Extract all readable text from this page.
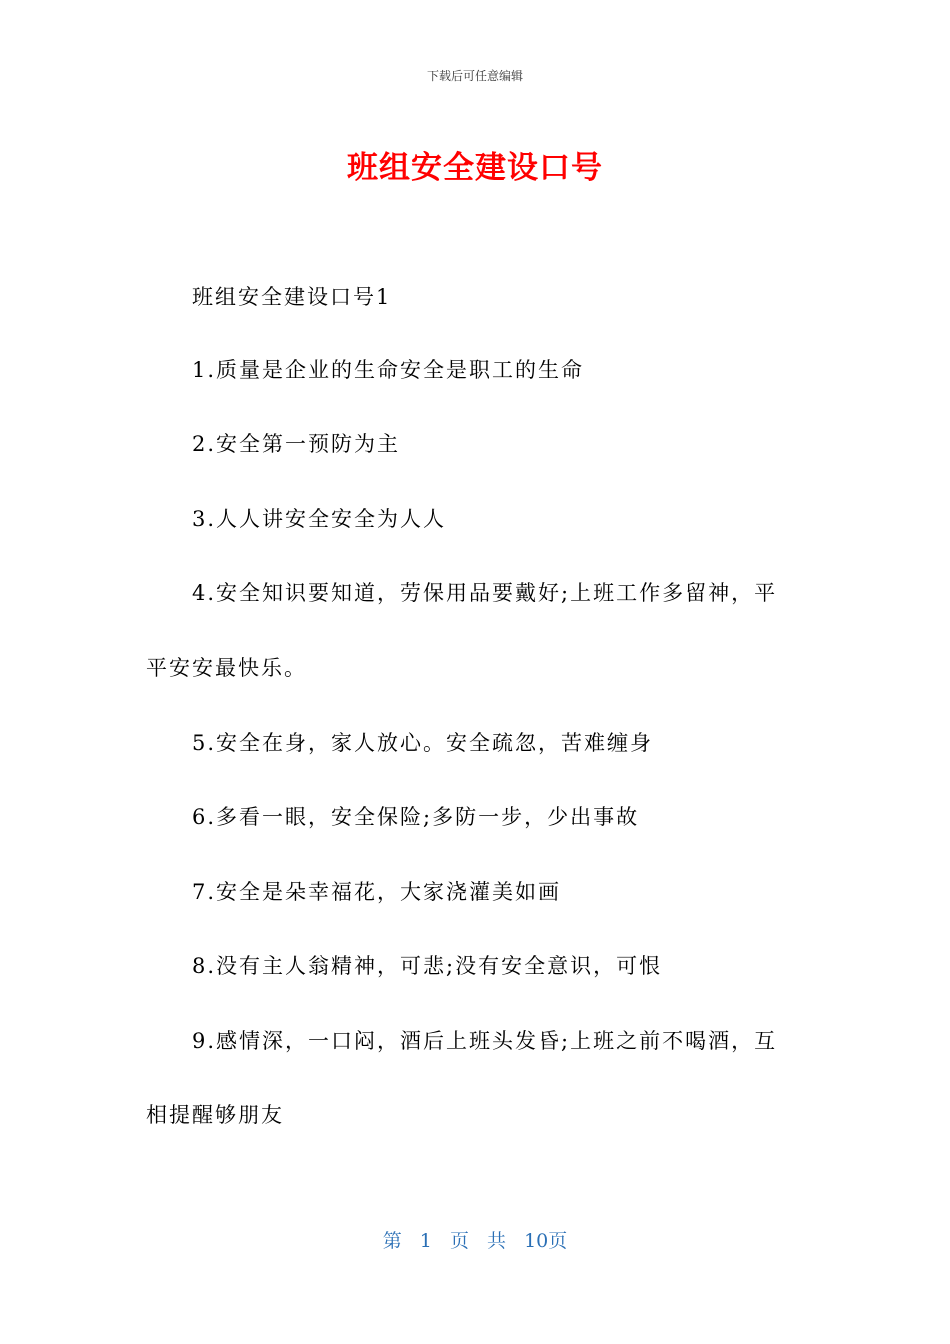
下载后可任意编辑
班组安全建设口号
班组安全建设口号1
1.质量是企业的生命安全是职工的生命
2.安全第一预防为主
3.人人讲安全安全为人人
4.安全知识要知道，劳保用品要戴好;上班工作多留神，平
平安安最快乐。
5.安全在身，家人放心。安全疏忽，苦难缠身
6.多看一眼，安全保险;多防一步，少出事故
7.安全是朵幸福花，大家浇灌美如画
8.没有主人翁精神，可悲;没有安全意识，可恨
9.感情深，一口闷，酒后上班头发昏;上班之前不喝酒，互
相提醒够朋友
第 1 页 共 10页
